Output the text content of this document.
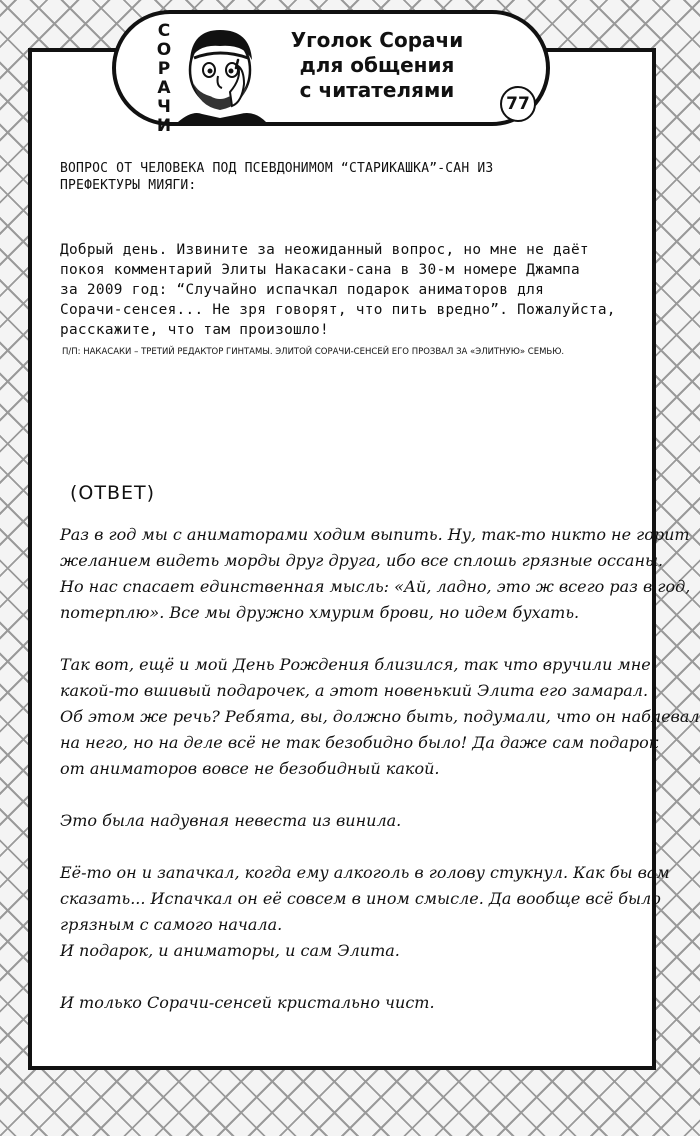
С
О
Р
А
Ч
И
Уголок Сорачи
для общения
с читателями
77
ВОПРОС ОТ ЧЕЛОВЕКА ПОД ПСЕВДОНИМОМ “СТАРИКАШКА”-САН ИЗ
ПРЕФЕКТУРЫ МИЯГИ:
Добрый день. Извините за неожиданный вопрос, но мне не даёт
покоя комментарий Элиты Накасаки-сана в 30-м номере Джампа
за 2009 год: “Случайно испачкал подарок аниматоров для
Сорачи-сенсея... Не зря говорят, что пить вредно”. Пожалуйста,
расскажите, что там произошло!
П/П: НАКАСАКИ – ТРЕТИЙ РЕДАКТОР ГИНТАМЫ. ЭЛИТОЙ СОРАЧИ-СЕНСЕЙ ЕГО ПРОЗВАЛ ЗА «ЭЛИТНУЮ» СЕМЬЮ.
(ОТВЕТ)
Раз в год мы с аниматорами ходим выпить. Ну, так-то никто не горит
желанием видеть морды друг друга, ибо все сплошь грязные оссаны.
Но нас спасает единственная мысль: «Ай, ладно, это ж всего раз в год,
потерплю». Все мы дружно хмурим брови, но идем бухать.
Так вот, ещё и мой День Рождения близился, так что вручили мне
какой-то вшивый подарочек, а этот новенький Элита его замарал.
Об этом же речь? Ребята, вы, должно быть, подумали, что он наблевал
на него, но на деле всё не так безобидно было! Да даже сам подарок
от аниматоров вовсе не безобидный какой.
Это была надувная невеста из винила.
Её-то он и запачкал, когда ему алкоголь в голову стукнул. Как бы вам
сказать... Испачкал он её совсем в ином смысле. Да вообще всё было
грязным с самого начала.
И подарок, и аниматоры, и сам Элита.
И только Сорачи-сенсей кристально чист.
